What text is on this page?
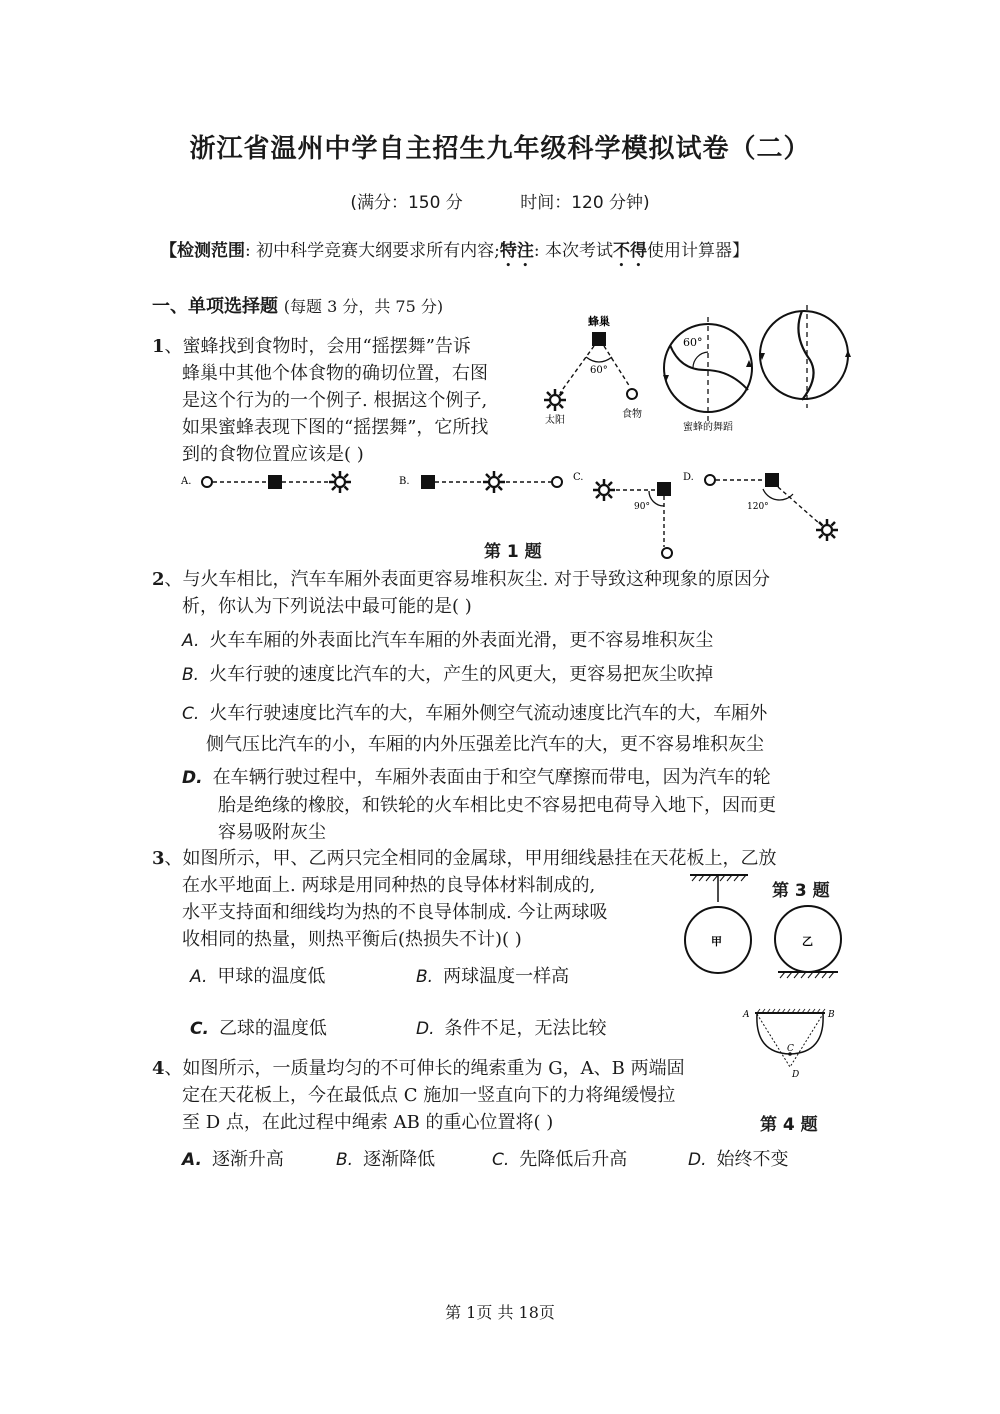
浙江省温州中学自主招生九年级科学模拟试卷（二）
(满分：150 分	时间：120 分钟)
【检测范围: 初中科学竞赛大纲要求所有内容;特注: 本次考试不得使用计算器】
一、单项选择题 (每题 3 分，共 75 分)

1、蜜蜂找到食物时，会用“摇摆舞”告诉

蜂巢中其他个体食物的确切位置，右图

是这个行为的一个例子. 根据这个例子,

如果蜜蜂表现下图的“摇摆舞”，它所找

到的食物位置应该是( )

蜂巢
60°
太阳
食物
60°
蜜蜂的舞蹈
A.	B.	C.
90°
D.
120°
第 1 题

2、与火车相比，汽车车厢外表面更容易堆积灰尘. 对于导致这种现象的原因分

析，你认为下列说法中最可能的是( )

A. 火车车厢的外表面比汽车车厢的外表面光滑，更不容易堆积灰尘
B. 火车行驶的速度比汽车的大，产生的风更大，更容易把灰尘吹掉
C. 火车行驶速度比汽车的大，车厢外侧空气流动速度比汽车的大，车厢外
侧气压比汽车的小，车厢的内外压强差比汽车的大，更不容易堆积灰尘
D. 在车辆行驶过程中，车厢外表面由于和空气摩擦而带电，因为汽车的轮
胎是绝缘的橡胶，和铁轮的火车相比史不容易把电荷导入地下，因而更
容易吸附灰尘

3、如图所示，甲、乙两只完全相同的金属球，甲用细线悬挂在天花板上，乙放

在水平地面上. 两球是用同种热的良导体材料制成的,

水平支持面和细线均为热的不良导体制成. 今让两球吸

收相同的热量，则热平衡后(热损失不计)( )	甲	乙
第 3 题
A. 甲球的温度低	B. 两球温度一样高
C. 乙球的温度低	D. 条件不足，无法比较

4、如图所示，一质量均匀的不可伸长的绳索重为 G，A、B 两端固

定在天花板上，今在最低点 C 施加一竖直向下的力将绳缓慢拉

至 D 点，在此过程中绳索 AB 的重心位置将( )

A	B
C
D
第 4 题
A. 逐渐升高	B. 逐渐降低	C. 先降低后升高	D. 始终不变
第 1页 共 18页
